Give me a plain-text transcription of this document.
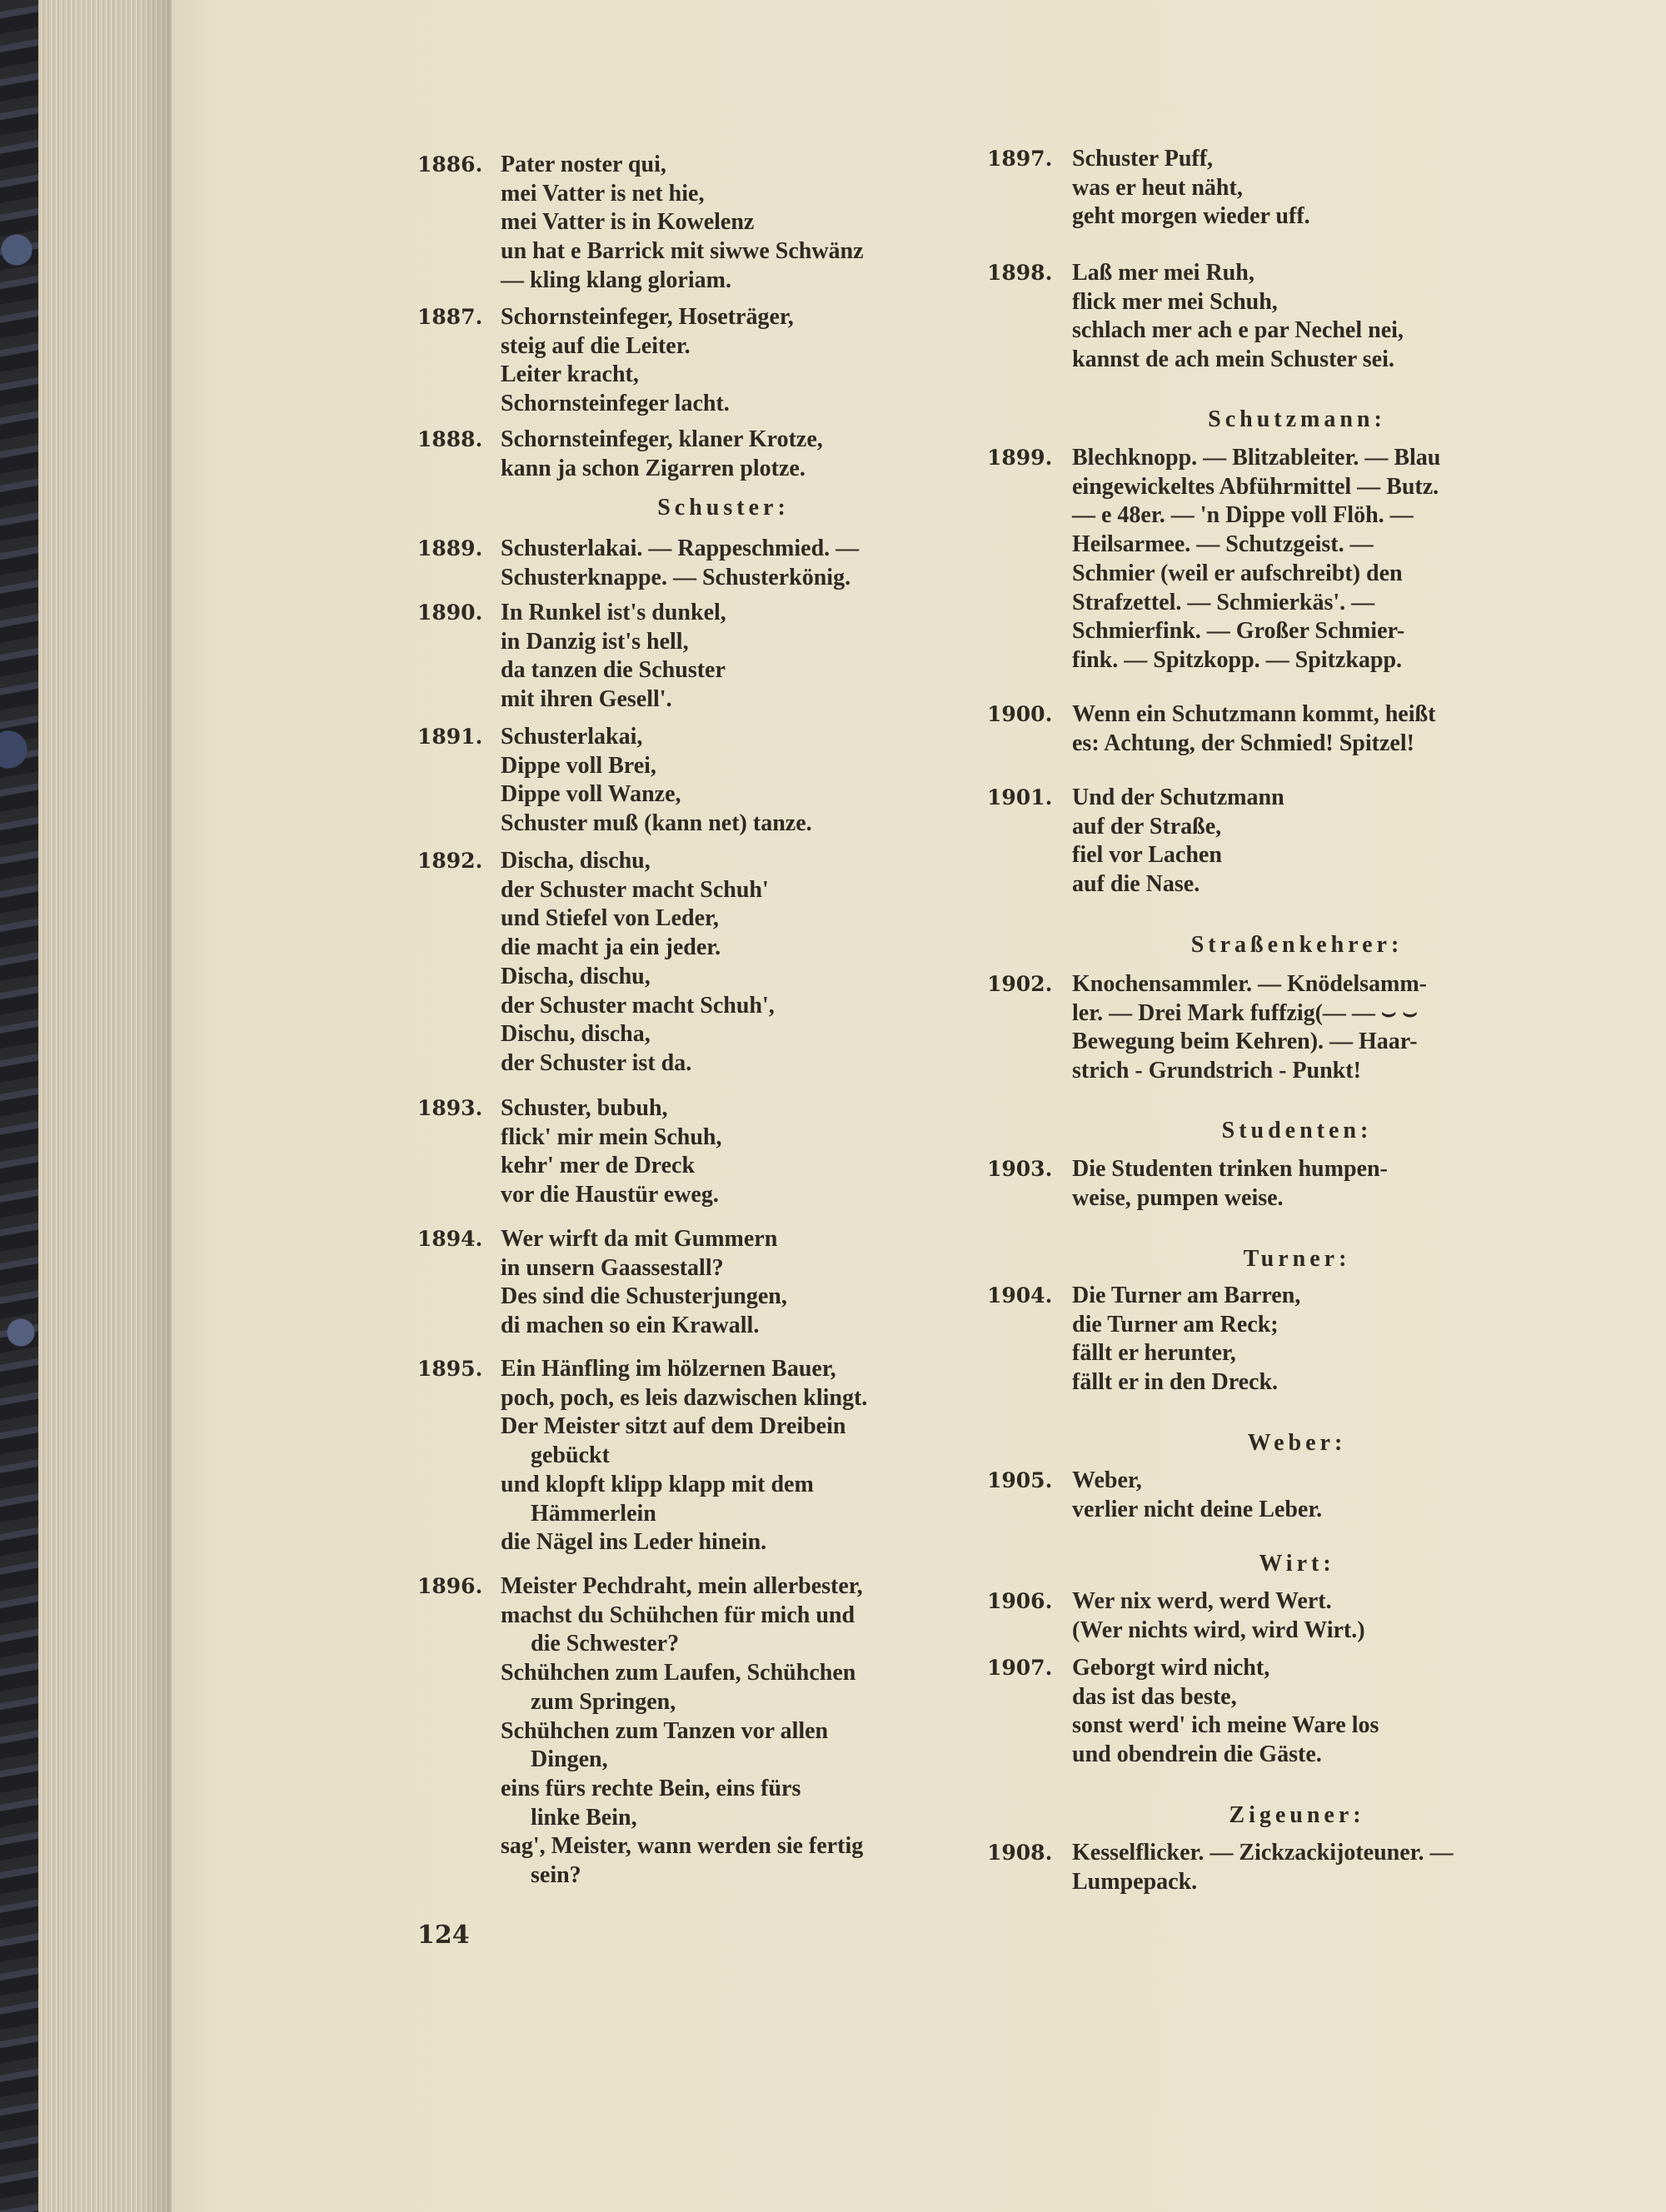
1886. Pater noster qui,
mei Vatter is net hie,
mei Vatter is in Kowelenz
un hat e Barrick mit siwwe Schwänz
— kling klang gloriam.
1887. Schornsteinfeger, Hoseträger,
steig auf die Leiter.
Leiter kracht,
Schornsteinfeger lacht.
1888. Schornsteinfeger, klaner Krotze,
kann ja schon Zigarren plotze.
Schuster:
1889. Schusterlakai. — Rappeschmied. —
Schusterknappe. — Schusterkönig.
1890. In Runkel ist's dunkel,
in Danzig ist's hell,
da tanzen die Schuster
mit ihren Gesell'.
1891. Schusterlakai,
Dippe voll Brei,
Dippe voll Wanze,
Schuster muß (kann net) tanze.
1892. Dischа, dischu,
der Schuster macht Schuh'
und Stiefel von Leder,
die macht ja ein jeder.
Discha, dischu,
der Schuster macht Schuh',
Dischu, discha,
der Schuster ist da.
1893. Schuster, bubuh,
flick' mir mein Schuh,
kehr' mer de Dreck
vor die Haustür eweg.
1894. Wer wirft da mit Gummern
in unsern Gaassestall?
Des sind die Schusterjungen,
di machen so ein Krawall.
1895. Ein Hänfling im hölzernen Bauer,
poch, poch, es leis dazwischen klingt.
Der Meister sitzt auf dem Dreibein
gebückt
und klopft klipp klapp mit dem
Hämmerlein
die Nägel ins Leder hinein.
1896. Meister Pechdraht, mein allerbester,
machst du Schühchen für mich und
die Schwester?
Schühchen zum Laufen, Schühchen
zum Springen,
Schühchen zum Tanzen vor allen
Dingen,
eins fürs rechte Bein, eins fürs
linke Bein,
sag', Meister, wann werden sie fertig
sein?
1897. Schuster Puff,
was er heut näht,
geht morgen wieder uff.
1898. Laß mer mei Ruh,
flick mer mei Schuh,
schlach mer ach e par Nechel nei,
kannst de ach mein Schuster sei.
Schutzmann:
1899. Blechknopp. — Blitzableiter. — Blau
eingewickeltes Abführmittel — Butz.
— e 48er. — 'n Dippe voll Flöh. —
Heilsarmee. — Schutzgeist. —
Schmier (weil er aufschreibt) den
Strafzettel. — Schmierkäs'. —
Schmierfink. — Großer Schmier-
fink. — Spitzkopp. — Spitzkapp.
1900. Wenn ein Schutzmann kommt, heißt
es: Achtung, der Schmied! Spitzel!
1901. Und der Schutzmann
auf der Straße,
fiel vor Lachen
auf die Nase.
Straßenkehrer:
1902. Knochensammler. — Knödelsamm-
ler. — Drei Mark fuffzig(— — ⌣ ⌣
Bewegung beim Kehren). — Haar-
strich - Grundstrich - Punkt!
Studenten:
1903. Die Studenten trinken humpen-
weise, pumpen weise.
Turner:
1904. Die Turner am Barren,
die Turner am Reck;
fällt er herunter,
fällt er in den Dreck.
Weber:
1905. Weber,
verlier nicht deine Leber.
Wirt:
1906. Wer nix werd, werd Wert.
(Wer nichts wird, wird Wirt.)
1907. Geborgt wird nicht,
das ist das beste,
sonst werd' ich meine Ware los
und obendrein die Gäste.
Zigeuner:
1908. Kesselflicker. — Zickzackijoteuner. —
Lumpepack.
124
